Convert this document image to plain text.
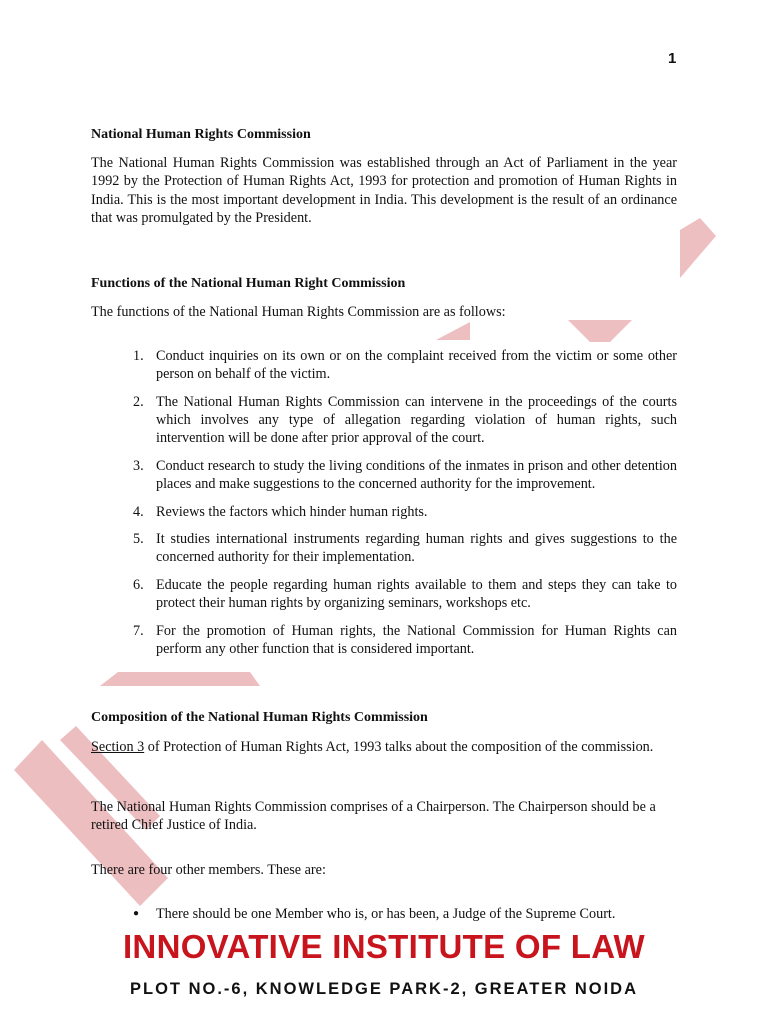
1
National Human Rights Commission
The National Human Rights Commission was established through an Act of Parliament in the year 1992 by the Protection of Human Rights Act, 1993 for protection and promotion of Human Rights in India. This is the most important development in India. This development is the result of an ordinance that was promulgated by the President.
Functions of the National Human Right Commission
The functions of the National Human Rights Commission are as follows:
1. Conduct inquiries on its own or on the complaint received from the victim or some other person on behalf of the victim.
2. The National Human Rights Commission can intervene in the proceedings of the courts which involves any type of allegation regarding violation of human rights, such intervention will be done after prior approval of the court.
3. Conduct research to study the living conditions of the inmates in prison and other detention places and make suggestions to the concerned authority for the improvement.
4. Reviews the factors which hinder human rights.
5. It studies international instruments regarding human rights and gives suggestions to the concerned authority for their implementation.
6. Educate the people regarding human rights available to them and steps they can take to protect their human rights by organizing seminars, workshops etc.
7. For the promotion of Human rights, the National Commission for Human Rights can perform any other function that is considered important.
Composition of the National Human Rights Commission
Section 3 of Protection of Human Rights Act, 1993 talks about the composition of the commission.
The National Human Rights Commission comprises of a Chairperson. The Chairperson should be a retired Chief Justice of India.
There are four other members. These are:
● There should be one Member who is, or has been, a Judge of the Supreme Court.
INNOVATIVE INSTITUTE OF LAW
PLOT NO.-6, KNOWLEDGE PARK-2, GREATER NOIDA
